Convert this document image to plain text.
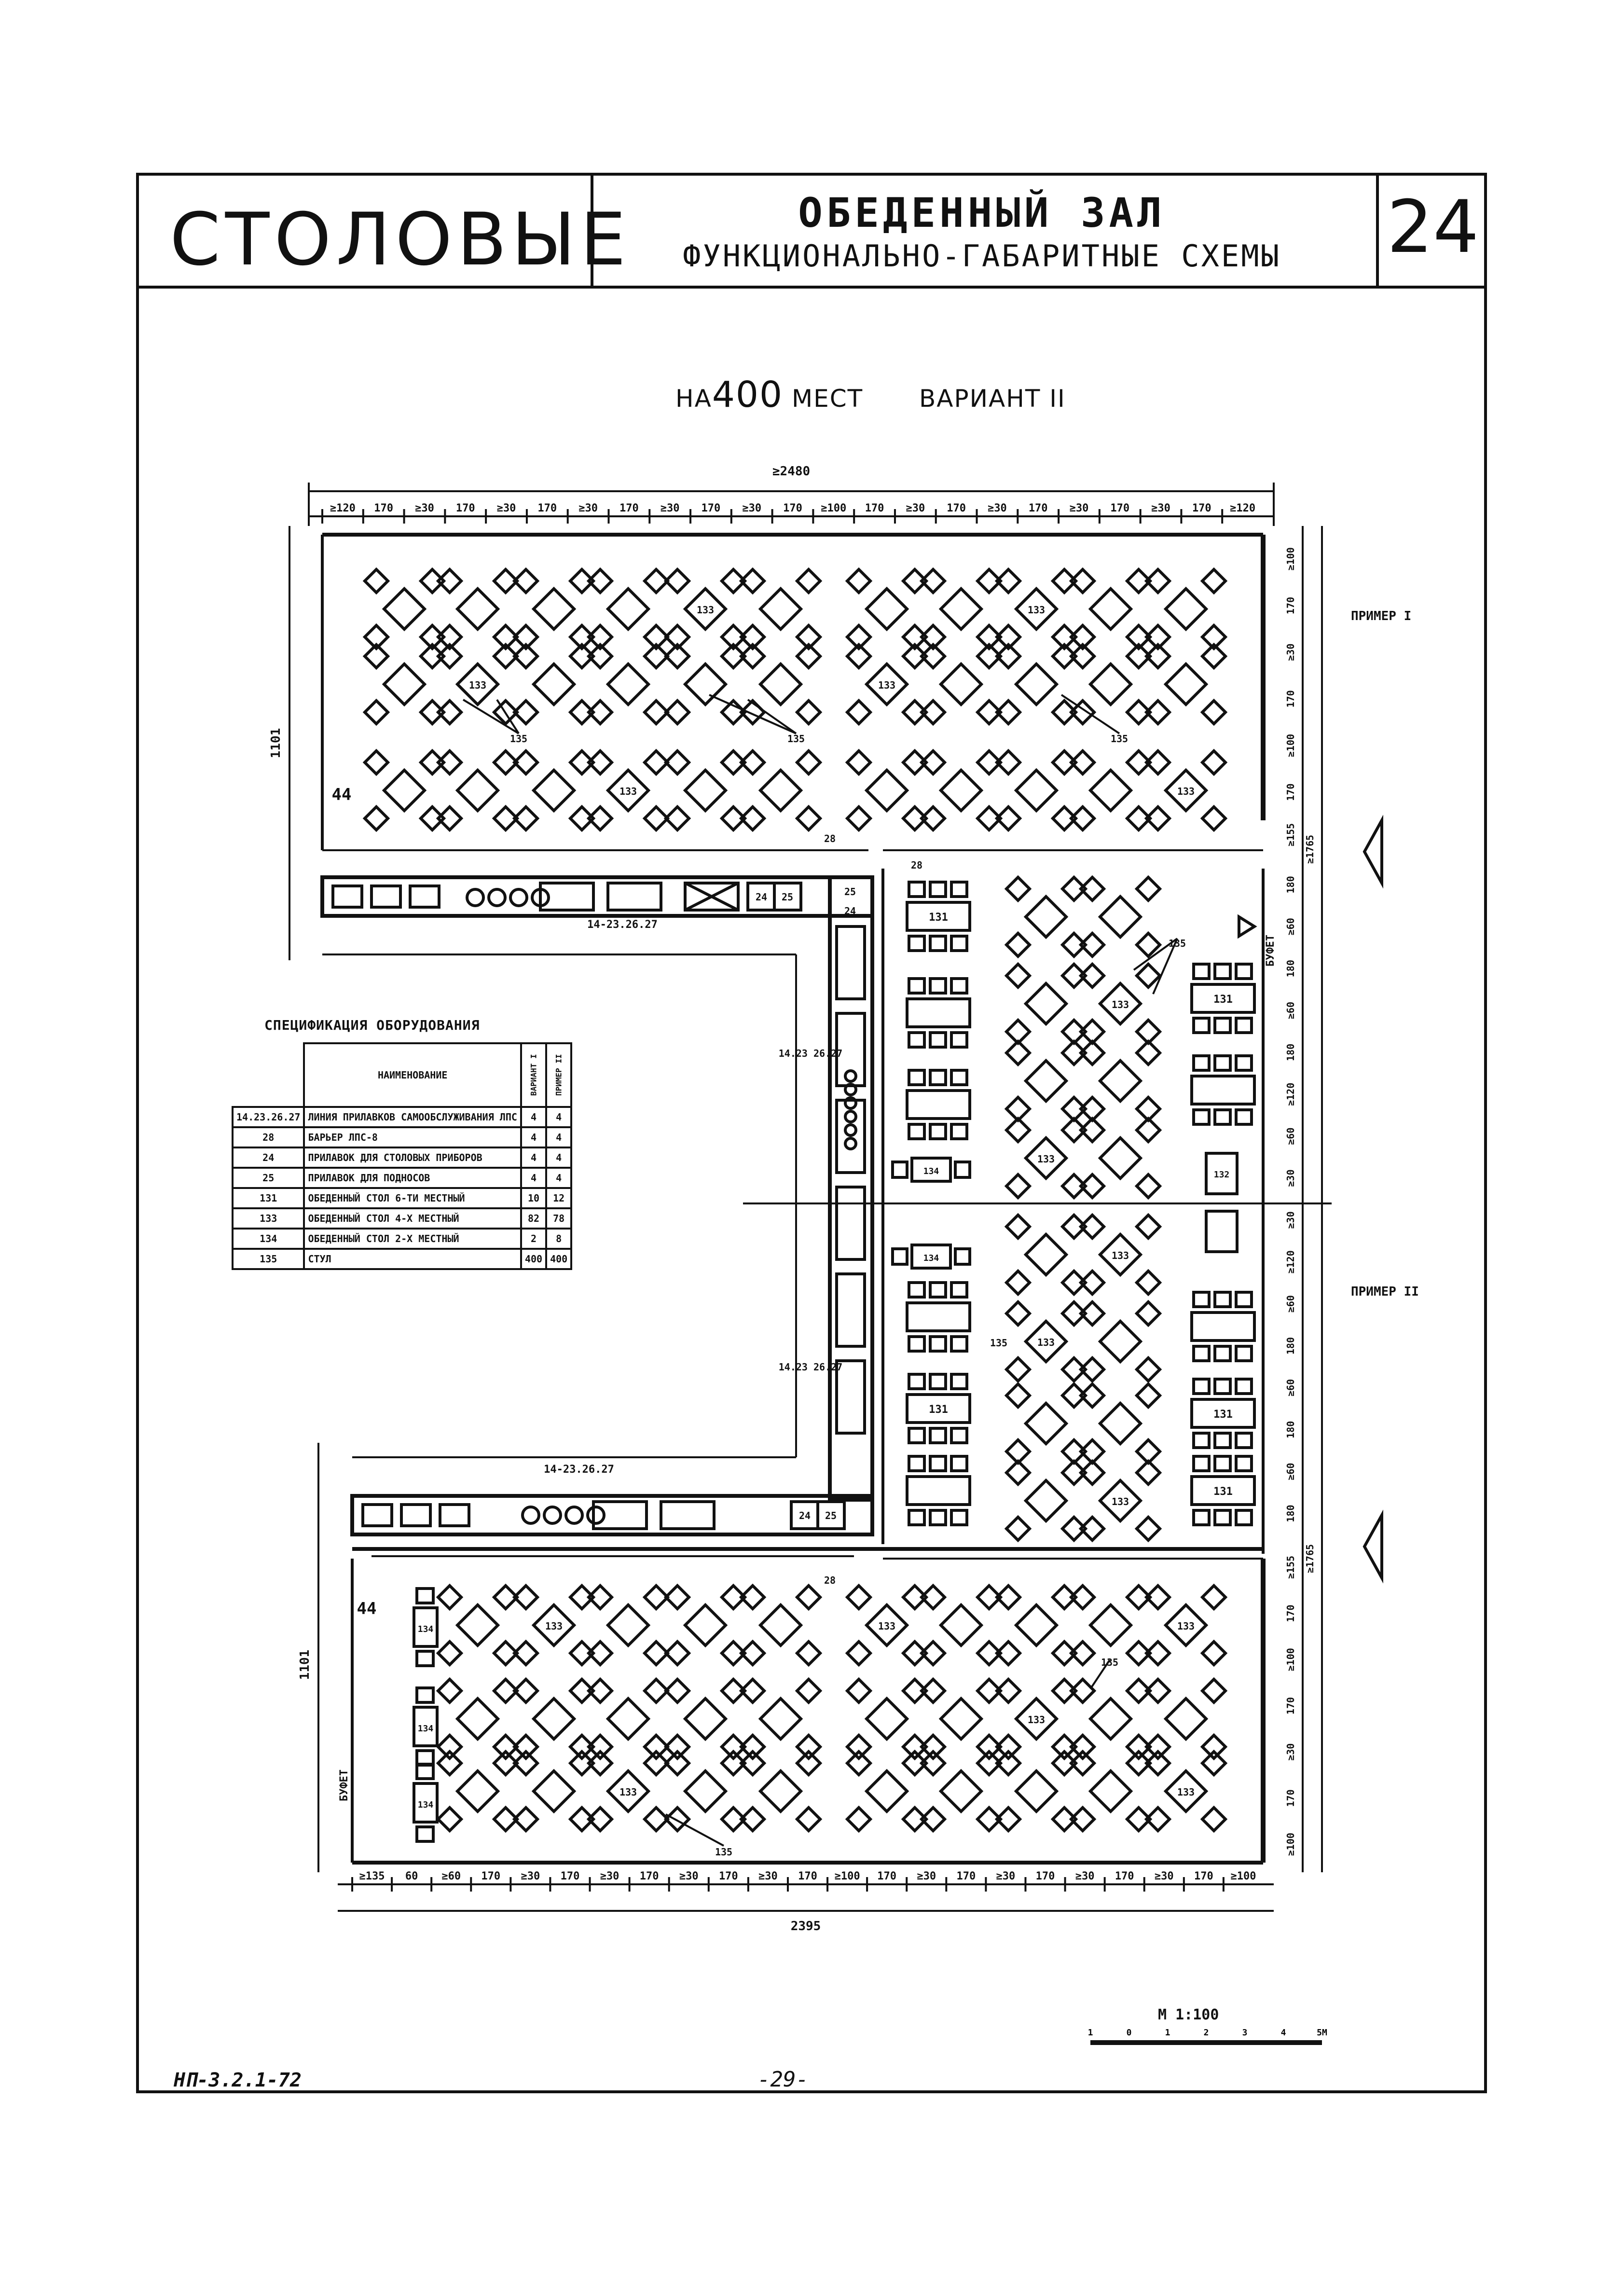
СТОЛОВЫЕ	ОБЕДЕННЫЙ ЗАЛ
ФУНКЦИОНАЛЬНО-ГАБАРИТНЫЕ СХЕМЫ	24
НА400 МЕСТ ВАРИАНТ II
24 25	25
24
24 25
133	133
133	133
133	133
133	133	133
133
133	133
134
134
134
133
133
133
133
133
131
131
131
131
131
134
134
132
БУФЕТ
БУФЕТ
≥2480
≥120 170 ≥30 170 ≥30 170 ≥30 170 ≥30 170 ≥30 170 ≥100 170 ≥30 170 ≥30 170 ≥30 170 ≥30 170 ≥120
2395
≥135 60 ≥60 170 ≥30 170 ≥30 170 ≥30 170 ≥30 170 ≥100 170 ≥30 170 ≥30 170 ≥30 170 ≥30 170 ≥100
1101
1101
≥100
170
≥30
170
≥100
170
≥155 ≥1765
180
≥60
180
≥60
180
≥120
≥60
≥30
≥30
≥120
≥60
180
≥60
180
≥60
180
≥155
170
≥100
170
≥30
170
≥100
≥1765
14-23.26.27
14-23.26.27
14.23 26.27
14.23 26.27
28
28
28
44
44
135	135	135
135
135
135
135
ПРИМЕР I
ПРИМЕР II
СПЕЦИФИКАЦИЯ ОБОРУДОВАНИЯ
	НАИМЕНОВАНИЕ	ВАРИАНТ I	ПРИМЕР II
14.23.26.27	ЛИНИЯ ПРИЛАВКОВ САМООБСЛУЖИВАНИЯ ЛПС	4	4
28	БАРЬЕР ЛПС-8	4	4
24	ПРИЛАВОК ДЛЯ СТОЛОВЫХ ПРИБОРОВ	4	4
25	ПРИЛАВОК ДЛЯ ПОДНОСОВ	4	4
131	ОБЕДЕННЫЙ СТОЛ 6-ТИ МЕСТНЫЙ	10	12
133	ОБЕДЕННЫЙ СТОЛ 4-Х МЕСТНЫЙ	82	78
134	ОБЕДЕННЫЙ СТОЛ 2-Х МЕСТНЫЙ	2	8
135	СТУЛ	400	400
М 1:100
1	0	1	2	3	4	5М
НП-3.2.1-72	-29-
